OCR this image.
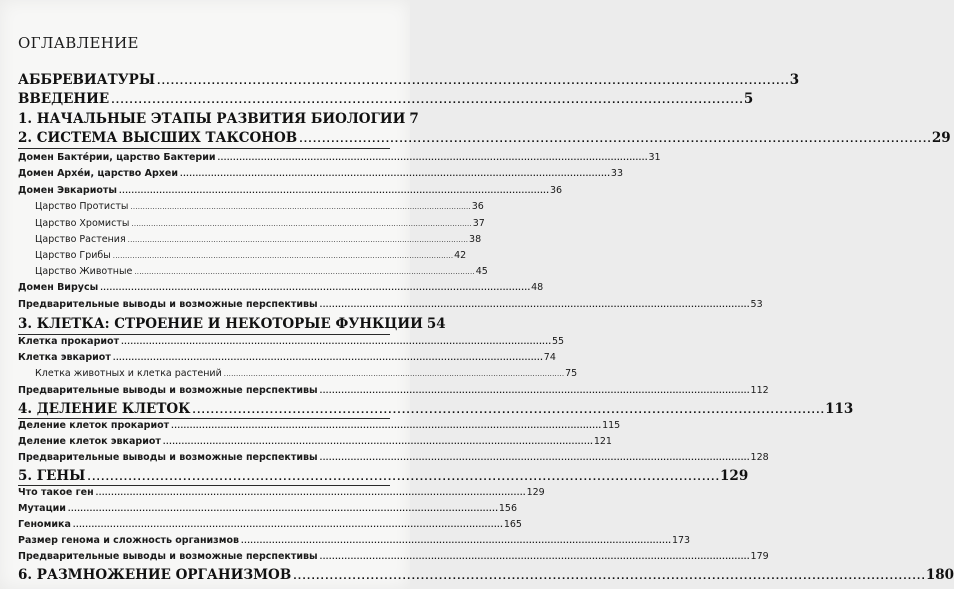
ОГЛАВЛЕНИЕ
АББРЕВИАТУРЫ . . .	3
ВВЕДЕНИЕ . . .	5
1. НАЧАЛЬНЫЕ ЭТАПЫ РАЗВИТИЯ БИОЛОГИИ 7
2. СИСТЕМА ВЫСШИХ ТАКСОНОВ . . .	29
Домен Бактéрии, царство Бактерии . . .	31
Домен Архéи, царство Археи . . .	33
Домен Эвкариоты . . .	36
Царство Протисты . . .	36
Царство Хромисты . . .	37
Царство Растения . . .	38
Царство Грибы . . .	42
Царство Животные . . .	45
Домен Вирусы . . .	48
Предварительные выводы и возможные перспективы . . .	53
3. КЛЕТКА: СТРОЕНИЕ И НЕКОТОРЫЕ ФУНКЦИИ 54
Клетка прокариот . . .	55
Клетка эвкариот . . .	74
Клетка животных и клетка растений . . .	75
Предварительные выводы и возможные перспективы . . .	112
4. ДЕЛЕНИЕ КЛЕТОК . . .	113
Деление клеток прокариот . . .	115
Деление клеток эвкариот . . .	121
Предварительные выводы и возможные перспективы . . .	128
5. ГЕНЫ . . .	129
Что такое ген . . .	129
Мутации . . .	156
Геномика . . .	165
Размер генома и сложность организмов . . .	173
Предварительные выводы и возможные перспективы . . .	179
6. РАЗМНОЖЕНИЕ ОРГАНИЗМОВ . . .	180
